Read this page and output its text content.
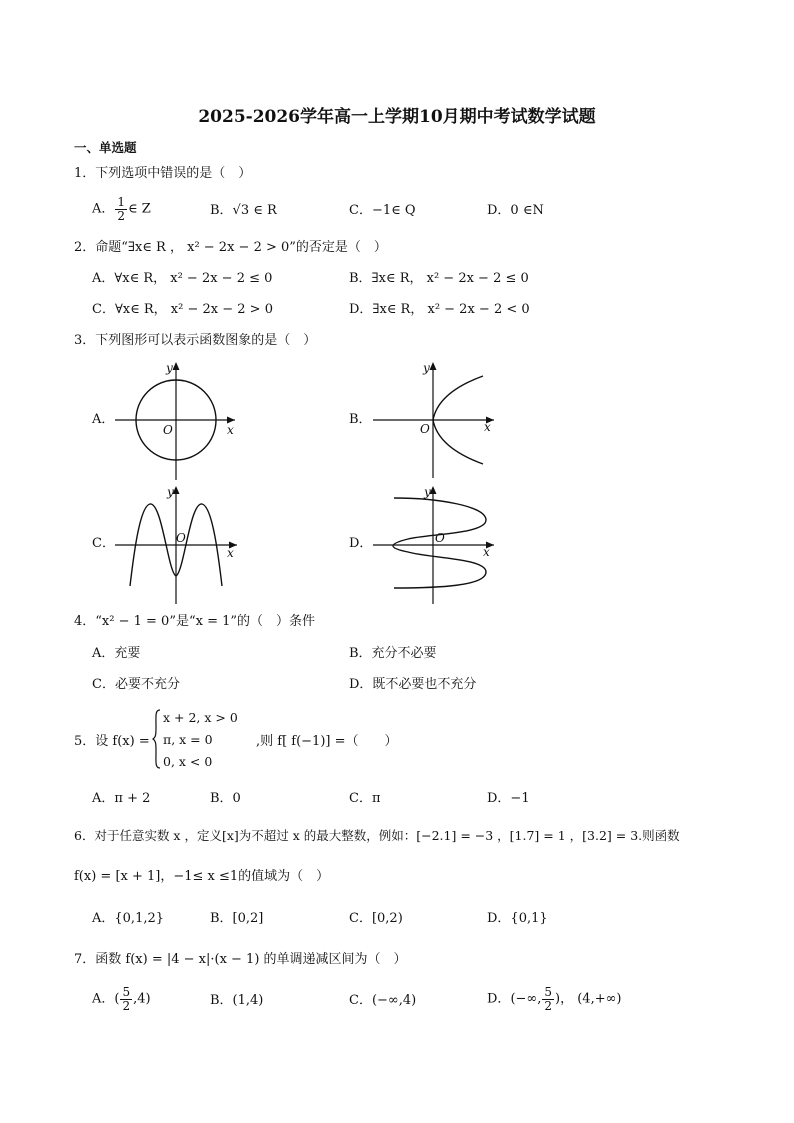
2025-2026学年高一上学期10月期中考试数学试题
一、单选题
1．下列选项中错误的是（　）
A． $\frac{1}{2}$ ∈ Z	B．√3 ∈ R	C．−1∈ Q	D．0 ∈N
2．命题“∃x∈ R ， x² − 2x − 2 > 0”的否定是（　）
A．∀x∈ R， x² − 2x − 2 ≤ 0	B．∃x∈ R， x² − 2x − 2 ≤ 0
C．∀x∈ R， x² − 2x − 2 > 0	D．∃x∈ R， x² − 2x − 2 < 0
3．下列图形可以表示函数图象的是（　）
A．
x
y
O
B．	x
y
O
C．
x
y
O	D．
x
y
O
4．“x² − 1 = 0”是“x = 1”的（　）条件
A．充要	B．充分不必要
C．必要不充分	D．既不必要也不充分
5．设 f(x) =
x + 2, x > 0
π, x = 0
0, x < 0
,则 f[ f(−1)] =（　　）
A．π + 2	B．0	C．π	D．−1
6．对于任意实数 x ，定义[x]为不超过 x 的最大整数，例如：[−2.1] = −3 ，[1.7] = 1 ，[3.2] = 3.则函数
f(x) = [x + 1]，−1≤ x ≤1的值域为（　）
A．{0,1,2}	B．[0,2]	C．[0,2)	D．{0,1}
7．函数 f(x) = |4 − x|·(x − 1) 的单调递减区间为（　）
A．( $\frac{5}{2} ,4$)	B．(1,4)	C．(−∞,4)	D．(−∞, $\frac{5}{2}$ )， (4,+∞)
